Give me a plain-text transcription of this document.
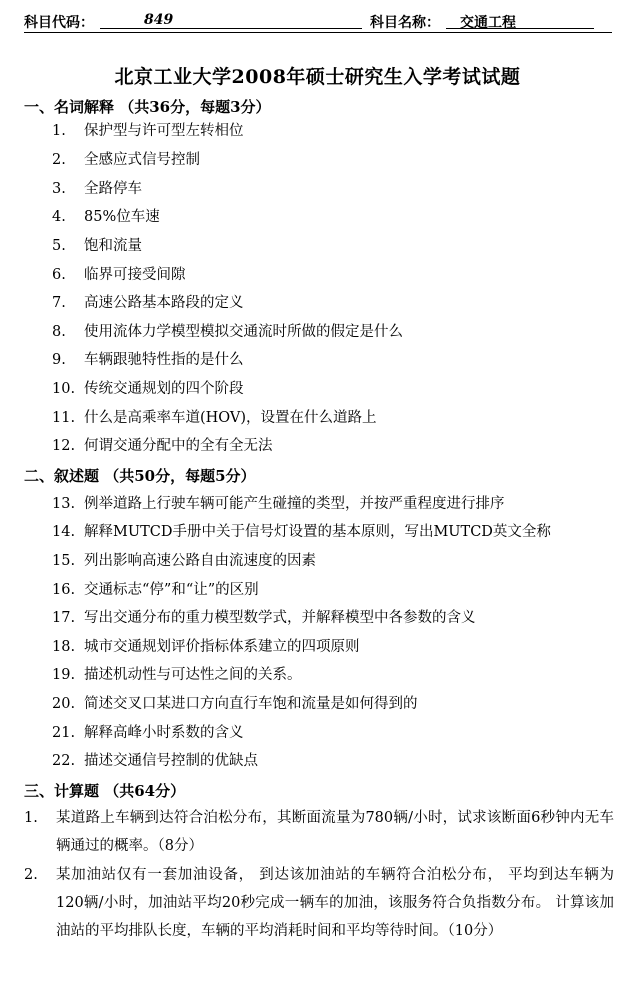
科目代码：	849	科目名称： 交通工程
北京工业大学2008年硕士研究生入学考试试题
一、名词解释 （共36分，每题3分）
1. 保护型与许可型左转相位
2. 全感应式信号控制
3. 全路停车
4. 85%位车速
5. 饱和流量
6. 临界可接受间隙
7. 高速公路基本路段的定义
8. 使用流体力学模型模拟交通流时所做的假定是什么
9. 车辆跟驰特性指的是什么
10. 传统交通规划的四个阶段
11. 什么是高乘率车道(HOV)，设置在什么道路上
12. 何谓交通分配中的全有全无法
二、叙述题 （共50分，每题5分）
13. 例举道路上行驶车辆可能产生碰撞的类型，并按严重程度进行排序
14. 解释MUTCD手册中关于信号灯设置的基本原则，写出MUTCD英文全称
15. 列出影响高速公路自由流速度的因素
16. 交通标志“停”和“让”的区别
17. 写出交通分布的重力模型数学式，并解释模型中各参数的含义
18. 城市交通规划评价指标体系建立的四项原则
19. 描述机动性与可达性之间的关系。
20. 简述交叉口某进口方向直行车饱和流量是如何得到的
21. 解释高峰小时系数的含义
22. 描述交通信号控制的优缺点
三、计算题 （共64分）
1. 某道路上车辆到达符合泊松分布，其断面流量为780辆/小时，试求该断面6秒钟内无车辆通过的概率。（8分）
2. 某加油站仅有一套加油设备， 到达该加油站的车辆符合泊松分布， 平均到达车辆为120辆/小时，加油站平均20秒完成一辆车的加油，该服务符合负指数分布。 计算该加油站的平均排队长度，车辆的平均消耗时间和平均等待时间。（10分）
